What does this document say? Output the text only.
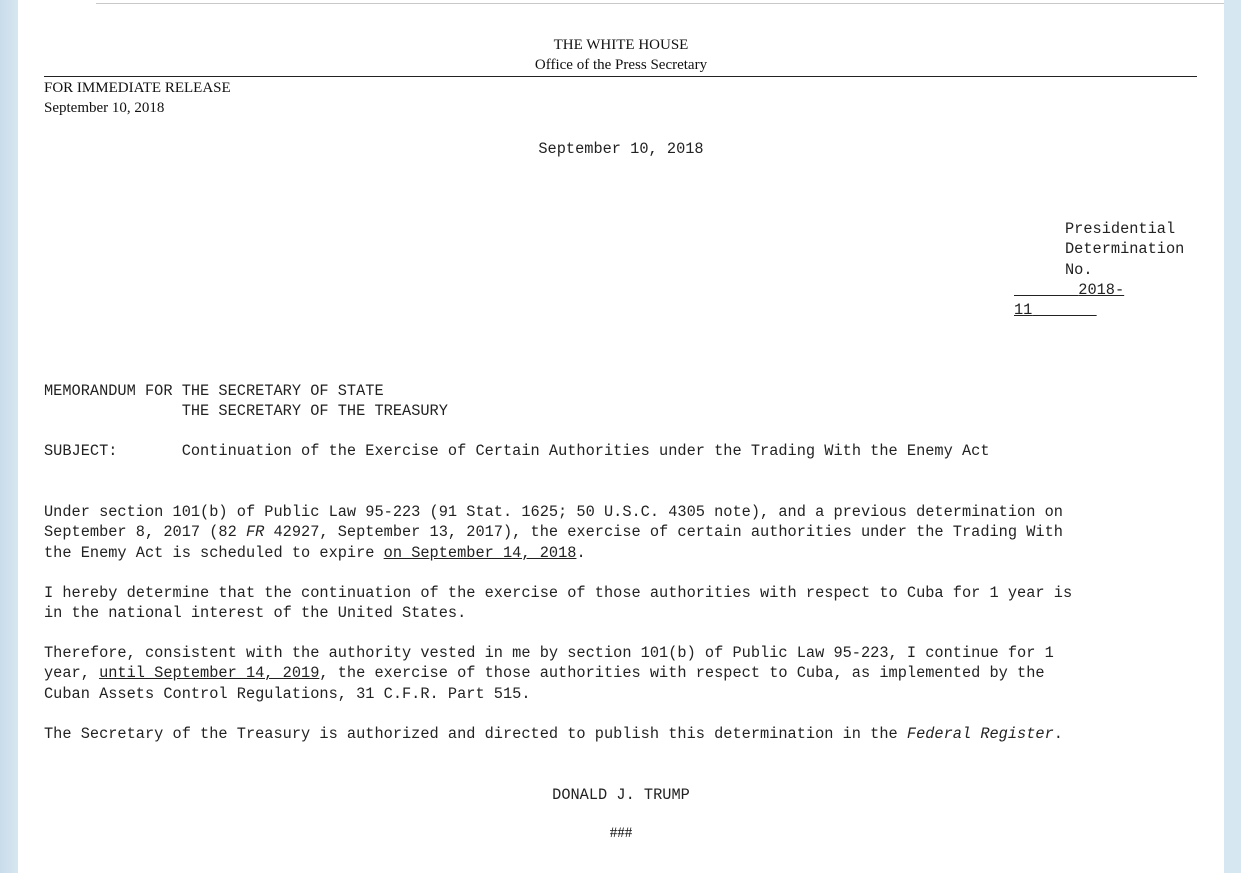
THE WHITE HOUSE
Office of the Press Secretary
FOR IMMEDIATE RELEASE
September 10, 2018
September 10, 2018
Presidential
Determination
No.
2018-
11
MEMORANDUM FOR THE SECRETARY OF STATE
THE SECRETARY OF THE TREASURY
SUBJECT:	Continuation of the Exercise of Certain Authorities under the Trading With the Enemy Act
Under section 101(b) of Public Law 95-223 (91 Stat. 1625; 50 U.S.C. 4305 note), and a previous determination on
September 8, 2017 (82 FR 42927, September 13, 2017), the exercise of certain authorities under the Trading With
the Enemy Act is scheduled to expire on September 14, 2018.
I hereby determine that the continuation of the exercise of those authorities with respect to Cuba for 1 year is
in the national interest of the United States.
Therefore, consistent with the authority vested in me by section 101(b) of Public Law 95-223, I continue for 1
year, until September 14, 2019, the exercise of those authorities with respect to Cuba, as implemented by the
Cuban Assets Control Regulations, 31 C.F.R. Part 515.
The Secretary of the Treasury is authorized and directed to publish this determination in the Federal Register.
DONALD J. TRUMP
###
